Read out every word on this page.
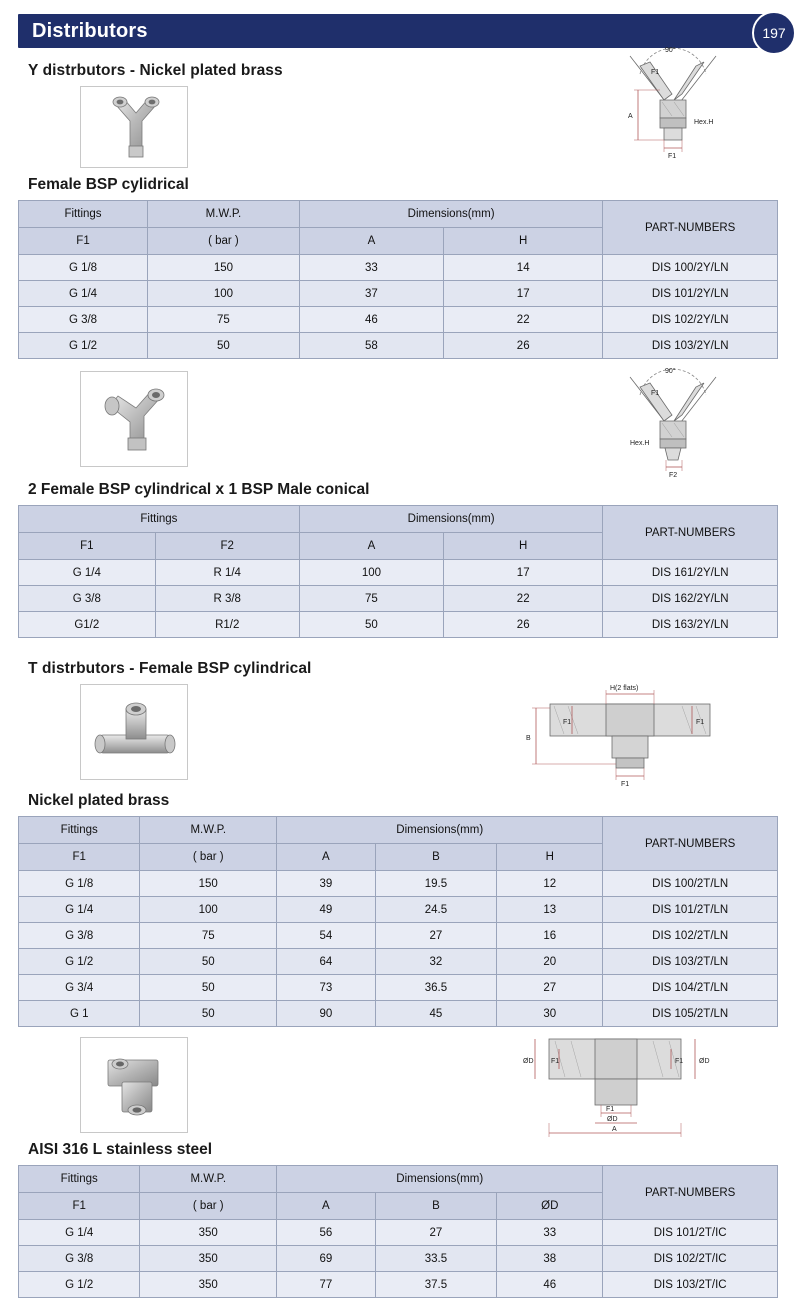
Distributors	197
Y distrbutors - Nickel plated brass
90°
F1
A
Hex.H
F1
Female BSP cylidrical
Fittings	M.W.P.	Dimensions(mm)		PART-NUMBERS
F1	( bar )	A	H	
G 1/8	150	33	14	DIS 100/2Y/LN
G 1/4	100	37	17	DIS 101/2Y/LN
G 3/8	75	46	22	DIS 102/2Y/LN
G 1/2	50	58	26	DIS 103/2Y/LN
90°
F1
Hex.H
F2
2 Female BSP cylindrical x 1 BSP Male conical
Fittings		Dimensions(mm)		PART-NUMBERS
F1	F2	A	H	
G 1/4	R 1/4	100	17	DIS 161/2Y/LN
G 3/8	R 3/8	75	22	DIS 162/2Y/LN
G1/2	R1/2	50	26	DIS 163/2Y/LN
T distrbutors - Female BSP cylindrical
H(2 flats)
F1	F1
B
F1
Nickel plated brass
Fittings	M.W.P.	Dimensions(mm)			PART-NUMBERS
F1	( bar )	A	B	H	
G 1/8	150	39	19.5	12	DIS 100/2T/LN
G 1/4	100	49	24.5	13	DIS 101/2T/LN
G 3/8	75	54	27	16	DIS 102/2T/LN
G 1/2	50	64	32	20	DIS 103/2T/LN
G 3/4	50	73	36.5	27	DIS 104/2T/LN
G 1	50	90	45	30	DIS 105/2T/LN
ØD	F1	F1 ØD
F1
ØD
A
AISI 316 L stainless steel
Fittings	M.W.P.	Dimensions(mm)			PART-NUMBERS
F1	( bar )	A	B	ØD	
G 1/4	350	56	27	33	DIS 101/2T/IC
G 3/8	350	69	33.5	38	DIS 102/2T/IC
G 1/2	350	77	37.5	46	DIS 103/2T/IC
